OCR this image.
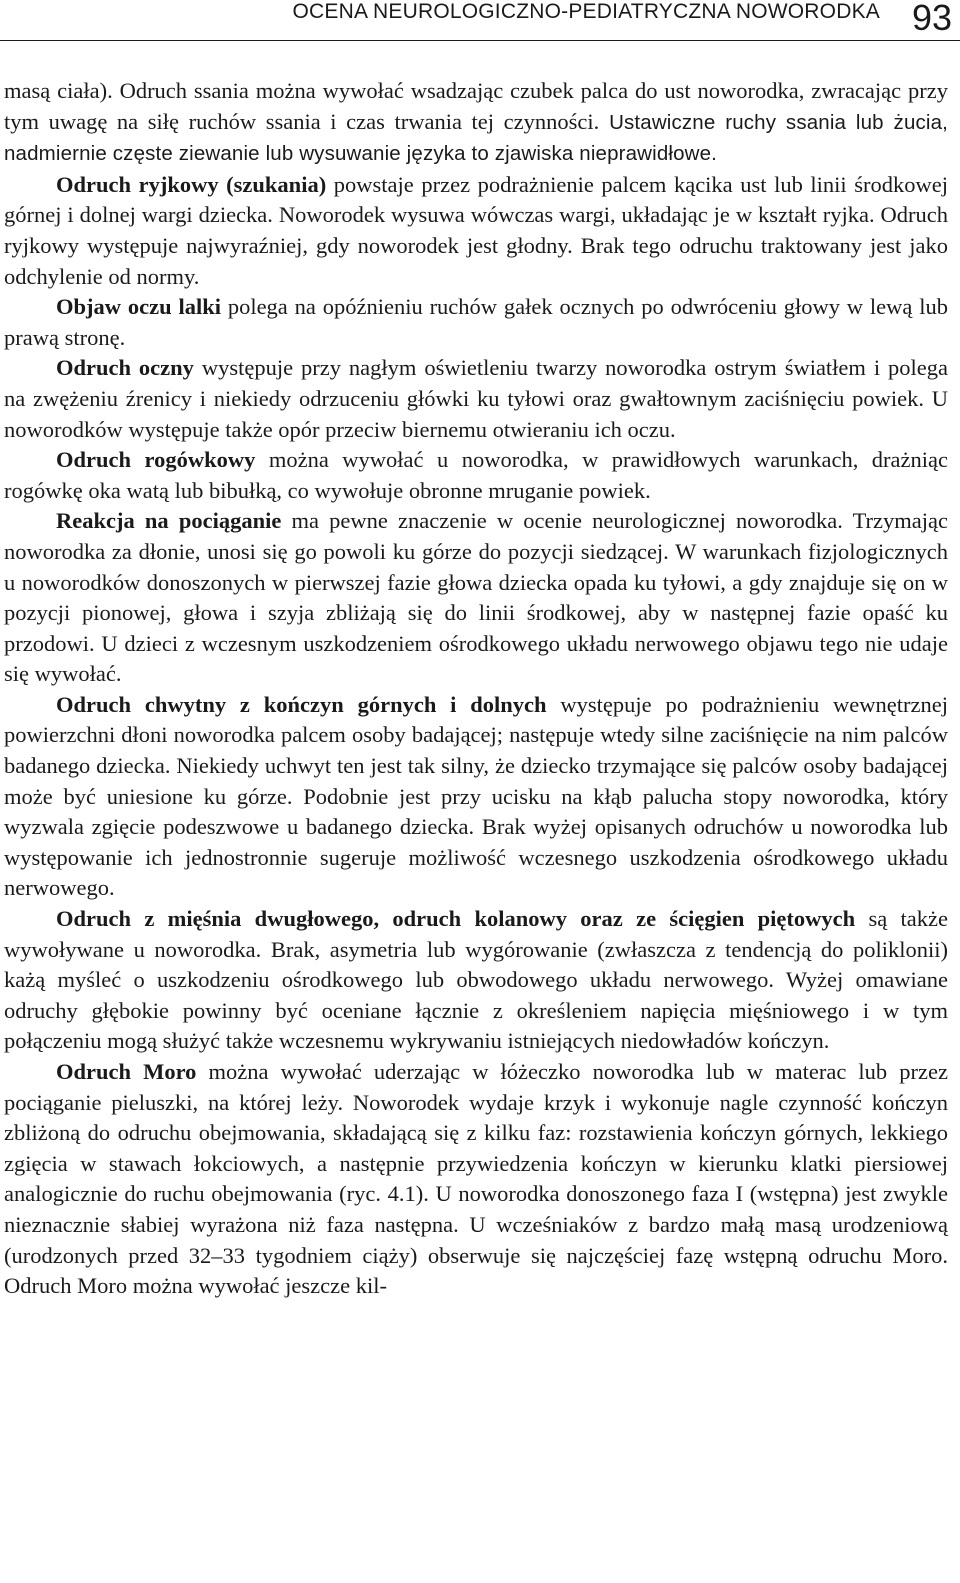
OCENA NEUROLOGICZNO-PEDIATRYCZNA NOWORODKA 93

masą ciała). Odruch ssania można wywołać wsadzając czubek palca do ust noworodka, zwracając przy tym uwagę na siłę ruchów ssania i czas trwania tej czynności. Ustawiczne ruchy ssania lub żucia, nadmiernie częste ziewanie lub wysuwanie języka to zjawiska nieprawidłowe.

Odruch ryjkowy (szukania) powstaje przez podrażnienie palcem kącika ust lub linii środkowej górnej i dolnej wargi dziecka. Noworodek wysuwa wówczas wargi, układając je w kształt ryjka. Odruch ryjkowy występuje najwyraźniej, gdy noworodek jest głodny. Brak tego odruchu traktowany jest jako odchylenie od normy.

Objaw oczu lalki polega na opóźnieniu ruchów gałek ocznych po odwróceniu głowy w lewą lub prawą stronę.

Odruch oczny występuje przy nagłym oświetleniu twarzy noworodka ostrym światłem i polega na zwężeniu źrenicy i niekiedy odrzuceniu główki ku tyłowi oraz gwałtownym zaciśnięciu powiek. U noworodków występuje także opór przeciw biernemu otwieraniu ich oczu.

Odruch rogówkowy można wywołać u noworodka, w prawidłowych warunkach, drażniąc rogówkę oka watą lub bibułką, co wywołuje obronne mruganie powiek.

Reakcja na pociąganie ma pewne znaczenie w ocenie neurologicznej noworodka. Trzymając noworodka za dłonie, unosi się go powoli ku górze do pozycji siedzącej. W warunkach fizjologicznych u noworodków donoszonych w pierwszej fazie głowa dziecka opada ku tyłowi, a gdy znajduje się on w pozycji pionowej, głowa i szyja zbliżają się do linii środkowej, aby w następnej fazie opaść ku przodowi. U dzieci z wczesnym uszkodzeniem ośrodkowego układu nerwowego objawu tego nie udaje się wywołać.

Odruch chwytny z kończyn górnych i dolnych występuje po podrażnieniu wewnętrznej powierzchni dłoni noworodka palcem osoby badającej; następuje wtedy silne zaciśnięcie na nim palców badanego dziecka. Niekiedy uchwyt ten jest tak silny, że dziecko trzymające się palców osoby badającej może być uniesione ku górze. Podobnie jest przy ucisku na kłąb palucha stopy noworodka, który wyzwala zgięcie podeszwowe u badanego dziecka. Brak wyżej opisanych odruchów u noworodka lub występowanie ich jednostronnie sugeruje możliwość wczesnego uszkodzenia ośrodkowego układu nerwowego.

Odruch z mięśnia dwugłowego, odruch kolanowy oraz ze ścięgien piętowych są także wywoływane u noworodka. Brak, asymetria lub wygórowanie (zwłaszcza z tendencją do poliklonii) każą myśleć o uszkodzeniu ośrodkowego lub obwodowego układu nerwowego. Wyżej omawiane odruchy głębokie powinny być oceniane łącznie z określeniem napięcia mięśniowego i w tym połączeniu mogą służyć także wczesnemu wykrywaniu istniejących niedowładów kończyn.

Odruch Moro można wywołać uderzając w łóżeczko noworodka lub w materac lub przez pociąganie pieluszki, na której leży. Noworodek wydaje krzyk i wykonuje nagle czynność kończyn zbliżoną do odruchu obejmowania, składającą się z kilku faz: rozstawienia kończyn górnych, lekkiego zgięcia w stawach łokciowych, a następnie przywiedzenia kończyn w kierunku klatki piersiowej analogicznie do ruchu obejmowania (ryc. 4.1). U noworodka donoszonego faza I (wstępna) jest zwykle nieznacznie słabiej wyrażona niż faza następna. U wcześniaków z bardzo małą masą urodzeniową (urodzonych przed 32–33 tygodniem ciąży) obserwuje się najczęściej fazę wstępną odruchu Moro. Odruch Moro można wywołać jeszcze kil-
